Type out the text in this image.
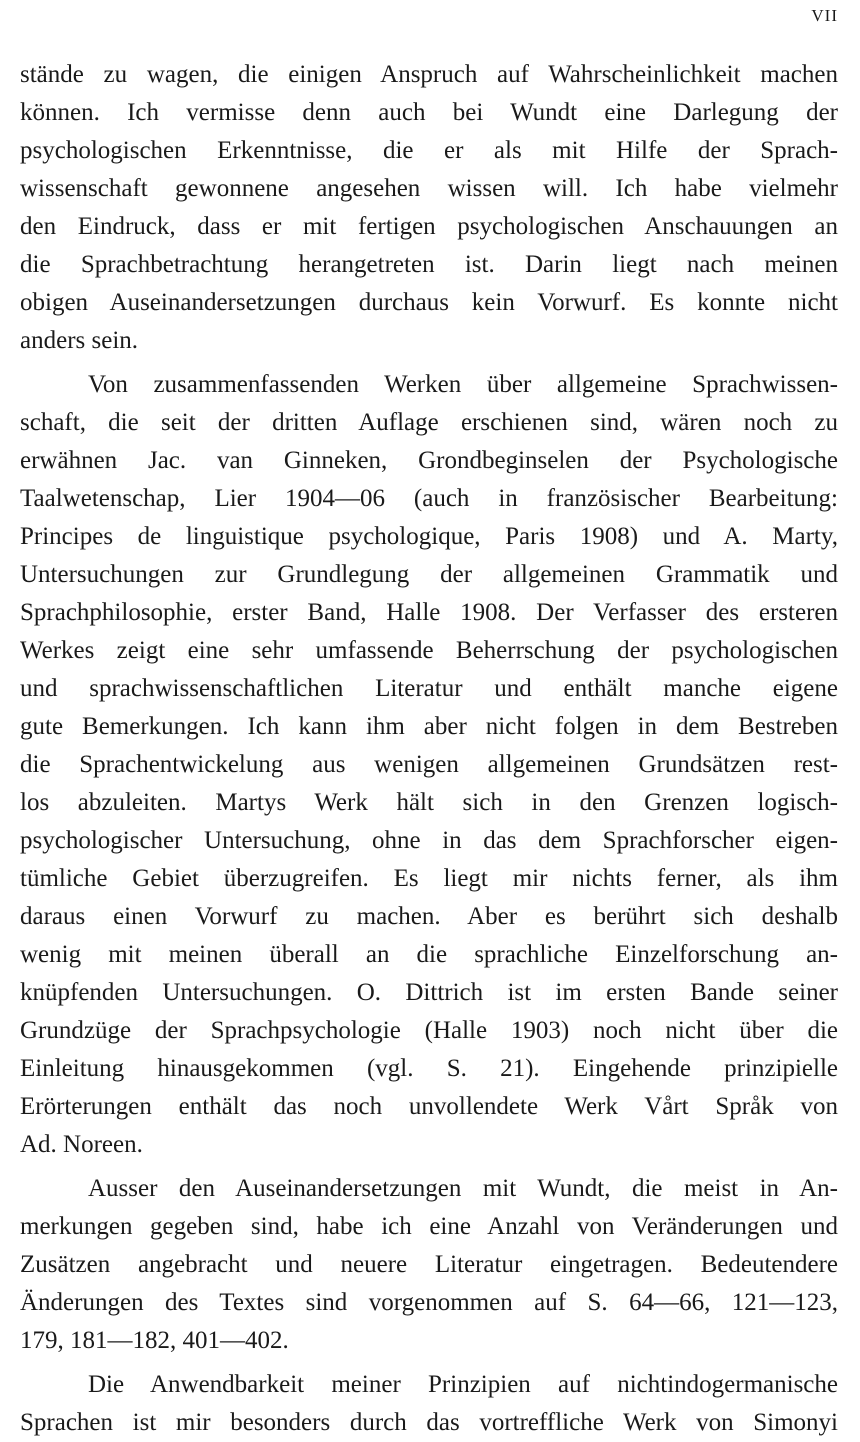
VII
stände zu wagen, die einigen Anspruch auf Wahrscheinlichkeit machen
können. Ich vermisse denn auch bei Wundt eine Darlegung der
psychologischen Erkenntnisse, die er als mit Hilfe der Sprach-
wissenschaft gewonnene angesehen wissen will. Ich habe vielmehr
den Eindruck, dass er mit fertigen psychologischen Anschauungen an
die Sprachbetrachtung herangetreten ist. Darin liegt nach meinen
obigen Auseinandersetzungen durchaus kein Vorwurf. Es konnte nicht
anders sein.
Von zusammenfassenden Werken über allgemeine Sprachwissen-
schaft, die seit der dritten Auflage erschienen sind, wären noch zu
erwähnen Jac. van Ginneken, Grondbeginselen der Psychologische
Taalwetenschap, Lier 1904—06 (auch in französischer Bearbeitung:
Principes de linguistique psychologique, Paris 1908) und A. Marty,
Untersuchungen zur Grundlegung der allgemeinen Grammatik und
Sprachphilosophie, erster Band, Halle 1908. Der Verfasser des ersteren
Werkes zeigt eine sehr umfassende Beherrschung der psychologischen
und sprachwissenschaftlichen Literatur und enthält manche eigene
gute Bemerkungen. Ich kann ihm aber nicht folgen in dem Bestreben
die Sprachentwickelung aus wenigen allgemeinen Grundsätzen rest-
los abzuleiten. Martys Werk hält sich in den Grenzen logisch-
psychologischer Untersuchung, ohne in das dem Sprachforscher eigen-
tümliche Gebiet überzugreifen. Es liegt mir nichts ferner, als ihm
daraus einen Vorwurf zu machen. Aber es berührt sich deshalb
wenig mit meinen überall an die sprachliche Einzelforschung an-
knüpfenden Untersuchungen. O. Dittrich ist im ersten Bande seiner
Grundzüge der Sprachpsychologie (Halle 1903) noch nicht über die
Einleitung hinausgekommen (vgl. S. 21). Eingehende prinzipielle
Erörterungen enthält das noch unvollendete Werk Vårt Språk von
Ad. Noreen.
Ausser den Auseinandersetzungen mit Wundt, die meist in An-
merkungen gegeben sind, habe ich eine Anzahl von Veränderungen und
Zusätzen angebracht und neuere Literatur eingetragen. Bedeutendere
Änderungen des Textes sind vorgenommen auf S. 64—66, 121—123,
179, 181—182, 401—402.
Die Anwendbarkeit meiner Prinzipien auf nichtindogermanische
Sprachen ist mir besonders durch das vortreffliche Werk von Simonyi
